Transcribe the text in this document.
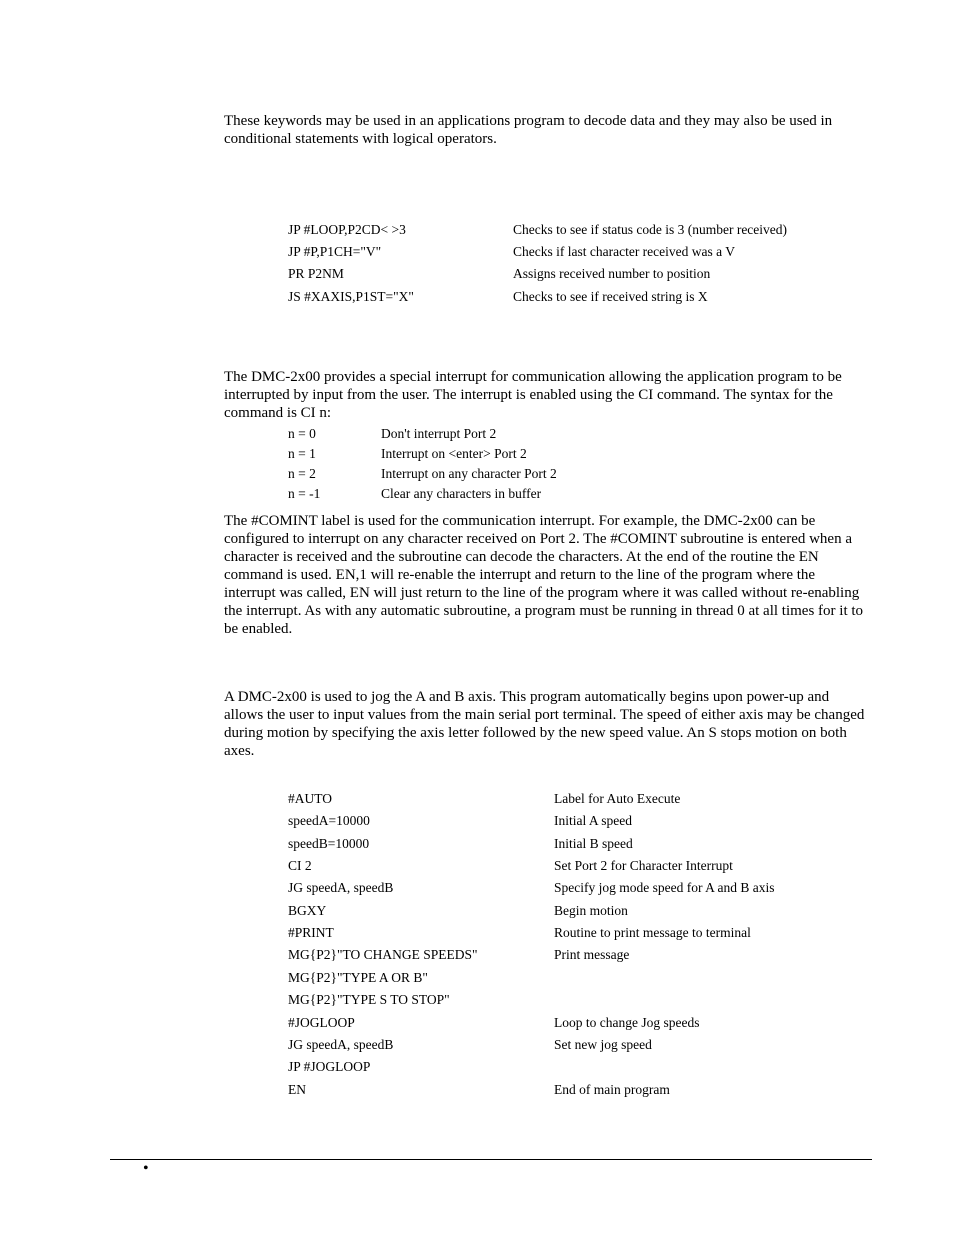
These keywords may be used in an applications program to decode data and they may also be used in conditional statements with logical operators.

JP #LOOP,P2CD< >3	Checks to see if status code is 3 (number received)
JP #P,P1CH="V"	Checks if last character received was a V
PR P2NM	Assigns received number to position
JS #XAXIS,P1ST="X"	Checks to see if received string is X

The DMC-2x00 provides a special interrupt for communication allowing the application program to be interrupted by input from the user. The interrupt is enabled using the CI command. The syntax for the command is CI n:

n = 0	Don't interrupt Port 2
n = 1	Interrupt on <enter> Port 2
n = 2	Interrupt on any character Port 2
n = -1	Clear any characters in buffer

The #COMINT label is used for the communication interrupt. For example, the DMC-2x00 can be configured to interrupt on any character received on Port 2. The #COMINT subroutine is entered when a character is received and the subroutine can decode the characters. At the end of the routine the EN command is used. EN,1 will re-enable the interrupt and return to the line of the program where the interrupt was called, EN will just return to the line of the program where it was called without re-enabling the interrupt. As with any automatic subroutine, a program must be running in thread 0 at all times for it to be enabled.

A DMC-2x00 is used to jog the A and B axis. This program automatically begins upon power-up and allows the user to input values from the main serial port terminal. The speed of either axis may be changed during motion by specifying the axis letter followed by the new speed value. An S stops motion on both axes.

#AUTO	Label for Auto Execute
speedA=10000	Initial A speed
speedB=10000	Initial B speed
CI 2	Set Port 2 for Character Interrupt
JG speedA, speedB	Specify jog mode speed for A and B axis
BGXY	Begin motion
#PRINT	Routine to print message to terminal
MG{P2}"TO CHANGE SPEEDS"	Print message
MG{P2}"TYPE A OR B"
MG{P2}"TYPE S TO STOP"
#JOGLOOP	Loop to change Jog speeds
JG speedA, speedB	Set new jog speed
JP #JOGLOOP
EN	End of main program
•
